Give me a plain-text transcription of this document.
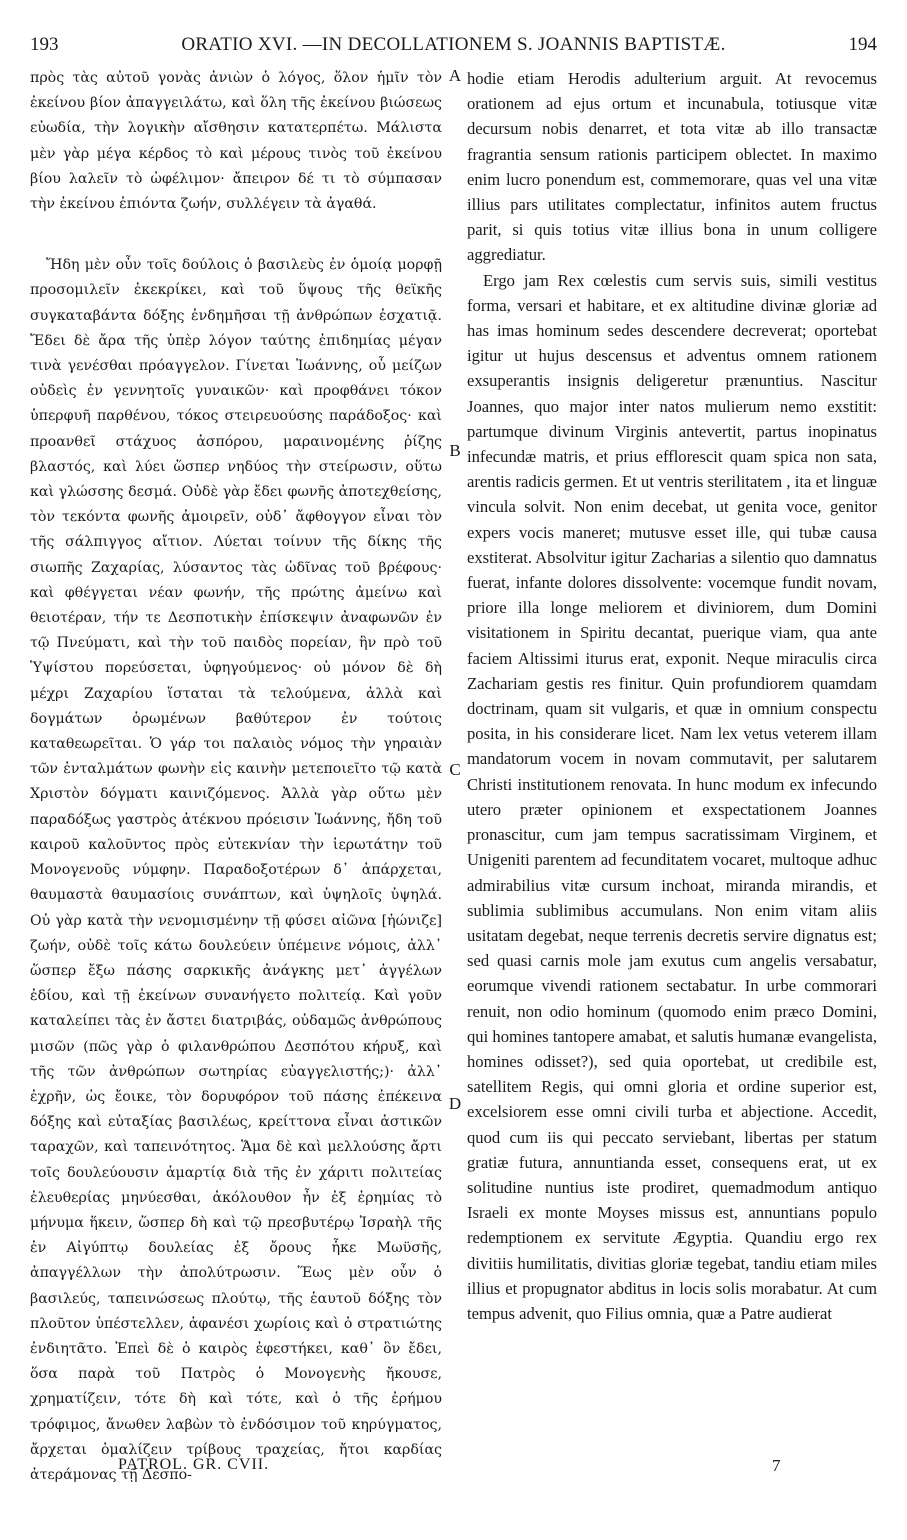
193	ORATIO XVI. —IN DECOLLATIONEM S. JOANNIS BAPTISTÆ.	194

πρὸς τὰς αὐτοῦ γονὰς ἀνιὼν ὁ λόγος, ὅλον ἡμῖν τὸν ἐκείνου βίον ἀπαγγειλάτω, καὶ ὅλη τῆς ἐκείνου βιώσεως εὐωδία, τὴν λογικὴν αἴσθησιν κατατερπέτω. Μάλιστα μὲν γὰρ μέγα κέρδος τὸ καὶ μέρους τινὸς τοῦ ἐκείνου βίου λαλεῖν τὸ ὠφέλιμον· ἄπειρον δέ τι τὸ σύμπασαν τὴν ἐκείνου ἐπιόντα ζωήν, συλλέγειν τὰ ἀγαθά.

Ἤδη μὲν οὖν τοῖς δούλοις ὁ βασιλεὺς ἐν ὁμοίᾳ μορφῇ προσομιλεῖν ἐκεκρίκει, καὶ τοῦ ὕψους τῆς θεϊκῆς συγκαταβάντα δόξης ἐνδημῆσαι τῇ ἀνθρώπων ἐσχατιᾷ. Ἔδει δὲ ἄρα τῆς ὑπὲρ λόγον ταύτης ἐπιδημίας μέγαν τινὰ γενέσθαι πρόαγγελον. Γίνεται Ἰωάννης, οὗ μείζων οὐδεὶς ἐν γεννητοῖς γυναικῶν· καὶ προφθάνει τόκον ὑπερφυῆ παρθένου, τόκος στειρευούσης παράδοξος· καὶ προανθεῖ στάχυος ἀσπόρου, μαραινομένης ῥίζης βλαστός, καὶ λύει ὥσπερ νηδύος τὴν στείρωσιν, οὕτω καὶ γλώσσης δεσμά. Οὐδὲ γὰρ ἔδει φωνῆς ἀποτεχθείσης, τὸν τεκόντα φωνῆς ἀμοιρεῖν, οὐδ᾽ ἄφθογγον εἶναι τὸν τῆς σάλπιγγος αἴτιον. Λύεται τοίνυν τῆς δίκης τῆς σιωπῆς Ζαχαρίας, λύσαντος τὰς ὠδῖνας τοῦ βρέφους· καὶ φθέγγεται νέαν φωνήν, τῆς πρώτης ἀμείνω καὶ θειοτέραν, τήν τε Δεσποτικὴν ἐπίσκεψιν ἀναφωνῶν ἐν τῷ Πνεύματι, καὶ τὴν τοῦ παιδὸς πορείαν, ἣν πρὸ τοῦ Ὑψίστου πορεύσεται, ὑφηγούμενος· οὐ μόνον δὲ δὴ μέχρι Ζαχαρίου ἵσταται τὰ τελούμενα, ἀλλὰ καὶ δογμάτων ὁρωμένων βαθύτερον ἐν τούτοις καταθεωρεῖται. Ὁ γάρ τοι παλαιὸς νόμος τὴν γηραιὰν τῶν ἐνταλμάτων φωνὴν εἰς καινὴν μετεποιεῖτο τῷ κατὰ Χριστὸν δόγματι καινιζόμενος. Ἀλλὰ γὰρ οὕτω μὲν παραδόξως γαστρὸς ἀτέκνου πρόεισιν Ἰωάννης, ἤδη τοῦ καιροῦ καλοῦντος πρὸς εὐτεκνίαν τὴν ἱερωτάτην τοῦ Μονογενοῦς νύμφην. Παραδοξοτέρων δ᾽ ἀπάρχεται, θαυμαστὰ θαυμασίοις συνάπτων, καὶ ὑψηλοῖς ὑψηλά. Οὐ γὰρ κατὰ τὴν νενομισμένην τῇ φύσει αἰῶνα [ἠώνιζε] ζωήν, οὐδὲ τοῖς κάτω δουλεύειν ὑπέμεινε νόμοις, ἀλλ᾽ ὥσπερ ἔξω πάσης σαρκικῆς ἀνάγκης μετ᾽ ἀγγέλων ἐδίου, καὶ τῇ ἐκείνων συνανήγετο πολιτείᾳ. Καὶ γοῦν καταλείπει τὰς ἐν ἄστει διατριβάς, οὐδαμῶς ἀνθρώπους μισῶν (πῶς γὰρ ὁ φιλανθρώπου Δεσπότου κήρυξ, καὶ τῆς τῶν ἀνθρώπων σωτηρίας εὐαγγελιστής;)· ἀλλ᾽ ἐχρῆν, ὡς ἔοικε, τὸν δορυφόρον τοῦ πάσης ἐπέκεινα δόξης καὶ εὐταξίας βασιλέως, κρείττονα εἶναι ἀστικῶν ταραχῶν, καὶ ταπεινότητος. Ἅμα δὲ καὶ μελλούσης ἄρτι τοῖς δουλεύουσιν ἁμαρτίᾳ διὰ τῆς ἐν χάριτι πολιτείας ἐλευθερίας μηνύεσθαι, ἀκόλουθον ἦν ἐξ ἐρημίας τὸ μήνυμα ἥκειν, ὥσπερ δὴ καὶ τῷ πρεσβυτέρῳ Ἰσραὴλ τῆς ἐν Αἰγύπτῳ δουλείας ἐξ ὄρους ἧκε Μωϋσῆς, ἀπαγγέλλων τὴν ἀπολύτρωσιν. Ἕως μὲν οὖν ὁ βασιλεύς, ταπεινώσεως πλούτῳ, τῆς ἑαυτοῦ δόξης τὸν πλοῦτον ὑπέστελλεν, ἀφανέσι χωρίοις καὶ ὁ στρατιώτης ἐνδιητᾶτο. Ἐπεὶ δὲ ὁ καιρὸς ἐφεστήκει, καθ᾽ ὃν ἔδει, ὅσα παρὰ τοῦ Πατρὸς ὁ Μονογενὴς ἤκουσε, χρηματίζειν, τότε δὴ καὶ τότε, καὶ ὁ τῆς ἐρήμου τρόφιμος, ἄνωθεν λαβὼν τὸ ἐνδόσιμον τοῦ κηρύγματος, ἄρχεται ὁμαλίζειν τρίβους τραχείας, ἤτοι καρδίας ἀτεράμονας τῇ Δεσπο-

A
B
C
D

hodie etiam Herodis adulterium arguit. At revocemus orationem ad ejus ortum et incunabula, totiusque vitæ decursum nobis denarret, et tota vitæ ab illo transactæ fragrantia sensum rationis participem oblectet. In maximo enim lucro ponendum est, commemorare, quas vel una vitæ illius pars utilitates complectatur, infinitos autem fructus parit, si quis totius vitæ illius bona in unum colligere aggrediatur.

Ergo jam Rex cœlestis cum servis suis, simili vestitus forma, versari et habitare, et ex altitudine divinæ gloriæ ad has imas hominum sedes descendere decreverat; oportebat igitur ut hujus descensus et adventus omnem rationem exsuperantis insignis deligeretur prænuntius. Nascitur Joannes, quo major inter natos mulierum nemo exstitit: partumque divinum Virginis antevertit, partus inopinatus infecundæ matris, et prius efflorescit quam spica non sata, arentis radicis germen. Et ut ventris sterilitatem , ita et linguæ vincula solvit. Non enim decebat, ut genita voce, genitor expers vocis maneret; mutusve esset ille, qui tubæ causa exstiterat. Absolvitur igitur Zacharias a silentio quo damnatus fuerat, infante dolores dissolvente: vocemque fundit novam, priore illa longe meliorem et diviniorem, dum Domini visitationem in Spiritu decantat, puerique viam, qua ante faciem Altissimi iturus erat, exponit. Neque miraculis circa Zachariam gestis res finitur. Quin profundiorem quamdam doctrinam, quam sit vulgaris, et quæ in omnium conspectu posita, in his considerare licet. Nam lex vetus veterem illam mandatorum vocem in novam commutavit, per salutarem Christi institutionem renovata. In hunc modum ex infecundo utero præter opinionem et exspectationem Joannes pronascitur, cum jam tempus sacratissimam Virginem, et Unigeniti parentem ad fecunditatem vocaret, multoque adhuc admirabilius vitæ cursum inchoat, miranda mirandis, et sublimia sublimibus accumulans. Non enim vitam aliis usitatam degebat, neque terrenis decretis servire dignatus est; sed quasi carnis mole jam exutus cum angelis versabatur, eorumque vivendi rationem sectabatur. In urbe commorari renuit, non odio hominum (quomodo enim præco Domini, qui homines tantopere amabat, et salutis humanæ evangelista, homines odisset?), sed quia oportebat, ut credibile est, satellitem Regis, qui omni gloria et ordine superior est, excelsiorem esse omni civili turba et abjectione. Accedit, quod cum iis qui peccato serviebant, libertas per statum gratiæ futura, annuntianda esset, consequens erat, ut ex solitudine nuntius iste prodiret, quemadmodum antiquo Israeli ex monte Moyses missus est, annuntians populo redemptionem ex servitute Ægyptia. Quandiu ergo rex divitiis humilitatis, divitias gloriæ tegebat, tandiu etiam miles illius et propugnator abditus in locis solis morabatur. At cum tempus advenit, quo Filius omnia, quæ a Patre audierat

PATROL. GR. CVII.	7
